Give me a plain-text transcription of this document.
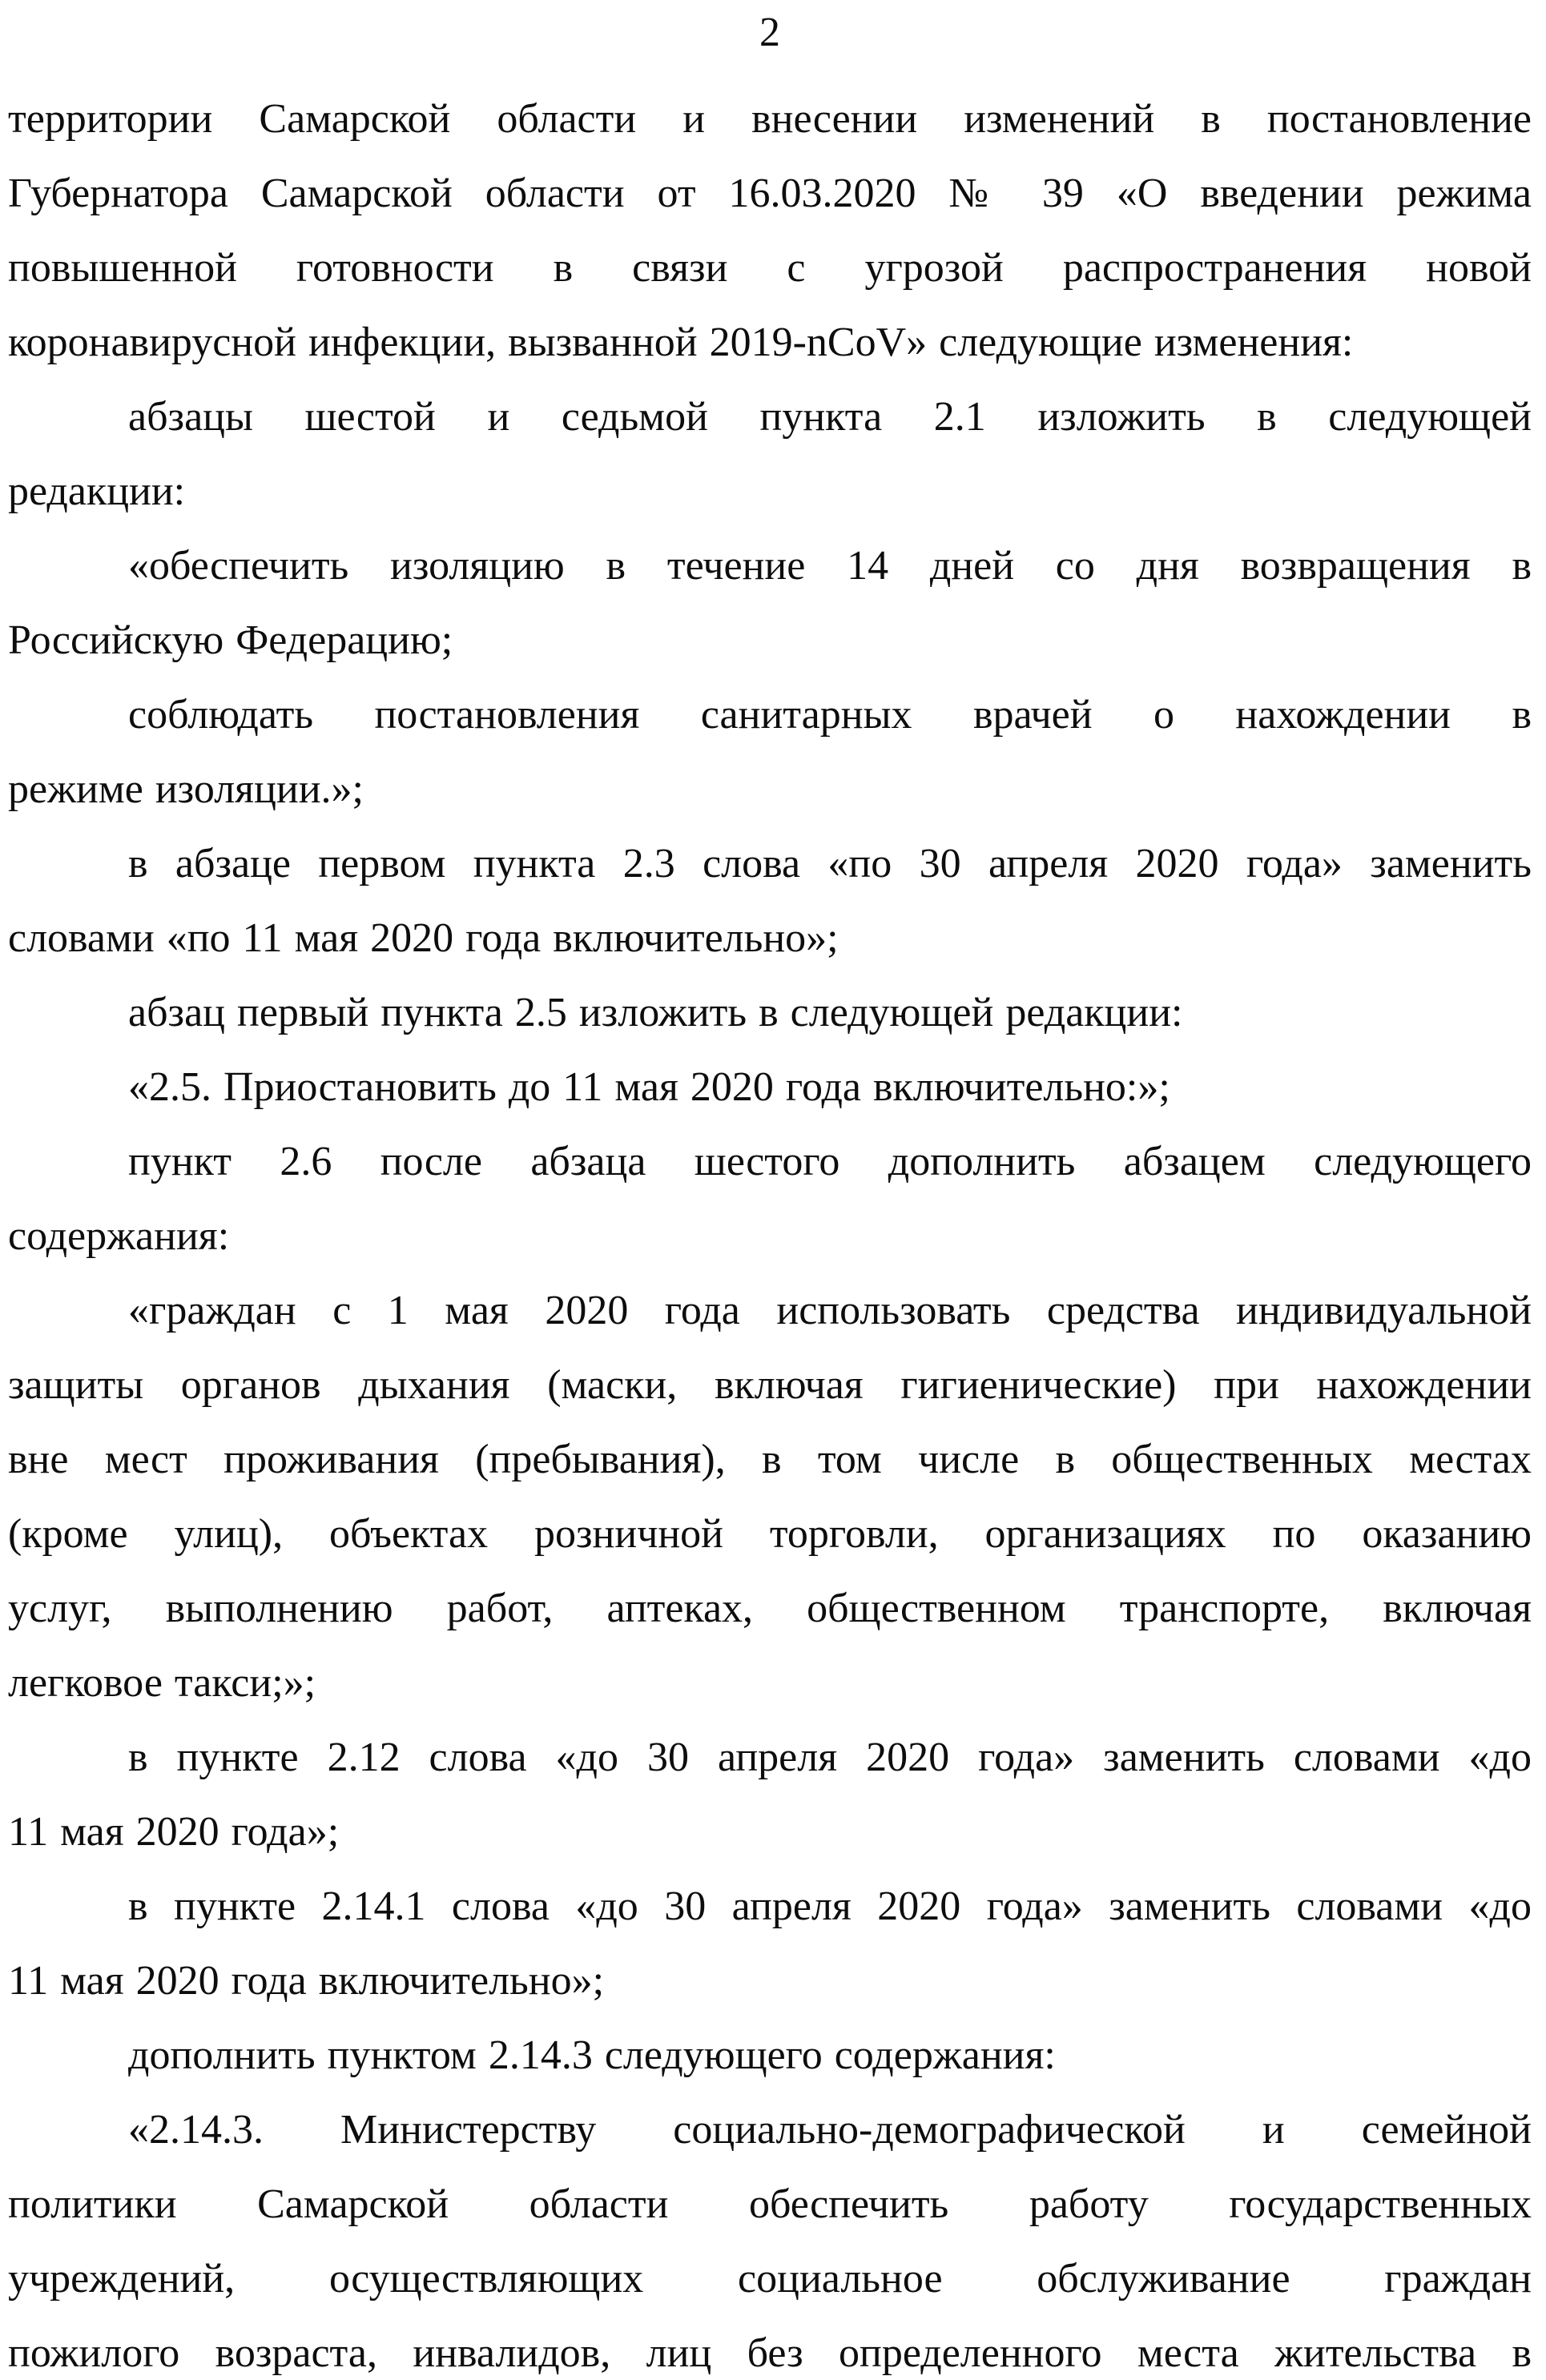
2
территории Самарской области и внесении изменений в постановление
Губернатора Самарской области от 16.03.2020 № 39 «О введении режима
повышенной готовности в связи с угрозой распространения новой
коронавирусной инфекции, вызванной 2019-nCoV» следующие изменения:
абзацы шестой и седьмой пункта 2.1 изложить в следующей
редакции:
«обеспечить изоляцию в течение 14 дней со дня возвращения в
Российскую Федерацию;
соблюдать постановления санитарных врачей о нахождении в
режиме изоляции.»;
в абзаце первом пункта 2.3 слова «по 30 апреля 2020 года» заменить
словами «по 11 мая 2020 года включительно»;
абзац первый пункта 2.5 изложить в следующей редакции:
«2.5. Приостановить до 11 мая 2020 года включительно:»;
пункт 2.6 после абзаца шестого дополнить абзацем следующего
содержания:
«граждан с 1 мая 2020 года использовать средства индивидуальной
защиты органов дыхания (маски, включая гигиенические) при нахождении
вне мест проживания (пребывания), в том числе в общественных местах
(кроме улиц), объектах розничной торговли, организациях по оказанию
услуг, выполнению работ, аптеках, общественном транспорте, включая
легковое такси;»;
в пункте 2.12 слова «до 30 апреля 2020 года» заменить словами «до
11 мая 2020 года»;
в пункте 2.14.1 слова «до 30 апреля 2020 года» заменить словами «до
11 мая 2020 года включительно»;
дополнить пунктом 2.14.3 следующего содержания:
«2.14.3. Министерству социально-демографической и семейной
политики Самарской области обеспечить работу государственных
учреждений, осуществляющих социальное обслуживание граждан
пожилого возраста, инвалидов, лиц без определенного места жительства в
